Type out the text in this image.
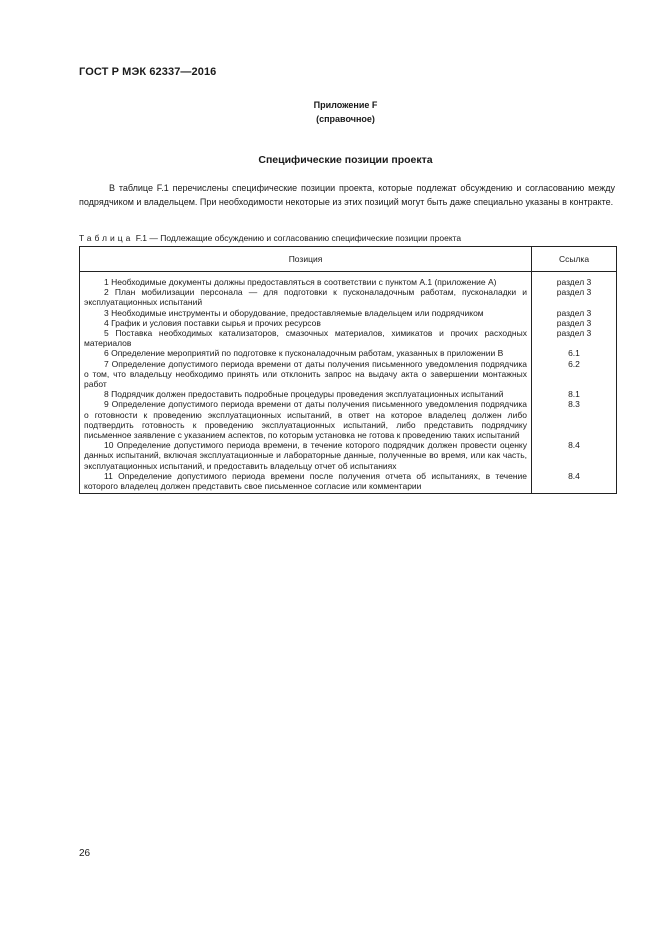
ГОСТ Р МЭК 62337—2016
Приложение F
(справочное)
Специфические позиции проекта

В таблице F.1 перечислены специфические позиции проекта, которые подлежат обсуждению и согласованию между подрядчиком и владельцем. При необходимости некоторые из этих позиций могут быть даже специально указаны в контракте.

Таблица F.1 — Подлежащие обсуждению и согласованию специфические позиции проекта
Позиция	Ссылка
1 Необходимые документы должны предоставляться в соответствии с пунктом А.1 (приложение А)	раздел 3
2 План мобилизации персонала — для подготовки к пусконаладочным работам, пусконаладки и эксплуатационных испытаний	раздел 3
3 Необходимые инструменты и оборудование, предоставляемые владельцем или подрядчиком	раздел 3
4 График и условия поставки сырья и прочих ресурсов	раздел 3
5 Поставка необходимых катализаторов, смазочных материалов, химикатов и прочих расходных материалов	раздел 3
6 Определение мероприятий по подготовке к пусконаладочным работам, указанных в приложении В	6.1
7 Определение допустимого периода времени от даты получения письменного уведомления подрядчика о том, что владельцу необходимо принять или отклонить запрос на выдачу акта о завершении монтажных работ	6.2
8 Подрядчик должен предоставить подробные процедуры проведения эксплуатационных испытаний	8.1
9 Определение допустимого периода времени от даты получения письменного уведомления подрядчика о готовности к проведению эксплуатационных испытаний, в ответ на которое владелец должен либо подтвердить готовность к проведению эксплуатационных испытаний, либо представить подрядчику письменное заявление с указанием аспектов, по которым установка не готова к проведению таких испытаний	8.3
10 Определение допустимого периода времени, в течение которого подрядчик должен провести оценку данных испытаний, включая эксплуатационные и лабораторные данные, полученные во время, или как часть, эксплуатационных испытаний, и предоставить владельцу отчет об испытаниях	8.4
11 Определение допустимого периода времени после получения отчета об испытаниях, в течение которого владелец должен представить свое письменное согласие или комментарии	8.4
26
